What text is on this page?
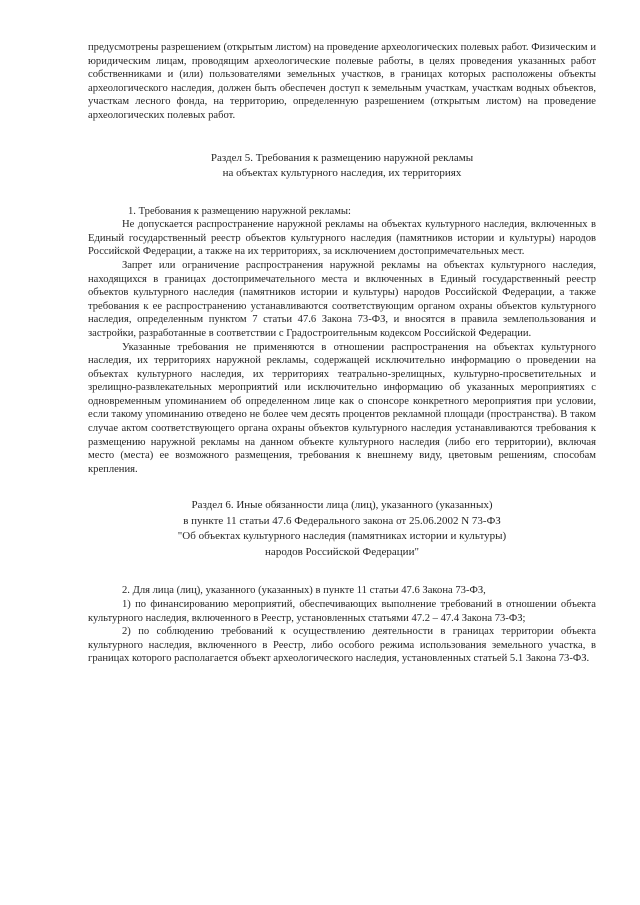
предусмотрены разрешением (открытым листом) на проведение археологических полевых работ. Физическим и юридическим лицам, проводящим археологические полевые работы, в целях проведения указанных работ собственниками и (или) пользователями земельных участков, в границах которых расположены объекты археологического наследия, должен быть обеспечен доступ к земельным участкам, участкам водных объектов, участкам лесного фонда, на территорию, определенную разрешением (открытым листом) на проведение археологических полевых работ.

Раздел 5. Требования к размещению наружной рекламы
на объектах культурного наследия, их территориях

1. Требования к размещению наружной рекламы:

Не допускается распространение наружной рекламы на объектах культурного наследия, включенных в Единый государственный реестр объектов культурного наследия (памятников истории и культуры) народов Российской Федерации, а также на их территориях, за исключением достопримечательных мест.

Запрет или ограничение распространения наружной рекламы на объектах культурного наследия, находящихся в границах достопримечательного места и включенных в Единый государственный реестр объектов культурного наследия (памятников истории и культуры) народов Российской Федерации, а также требования к ее распространению устанавливаются соответствующим органом охраны объектов культурного наследия, определенным пунктом 7 статьи 47.6 Закона 73-ФЗ, и вносятся в правила землепользования и застройки, разработанные в соответствии с Градостроительным кодексом Российской Федерации.

Указанные требования не применяются в отношении распространения на объектах культурного наследия, их территориях наружной рекламы, содержащей исключительно информацию о проведении на объектах культурного наследия, их территориях театрально-зрелищных, культурно-просветительных и зрелищно-развлекательных мероприятий или исключительно информацию об указанных мероприятиях с одновременным упоминанием об определенном лице как о спонсоре конкретного мероприятия при условии, если такому упоминанию отведено не более чем десять процентов рекламной площади (пространства). В таком случае актом соответствующего органа охраны объектов культурного наследия устанавливаются требования к размещению наружной рекламы на данном объекте культурного наследия (либо его территории), включая место (места) ее возможного размещения, требования к внешнему виду, цветовым решениям, способам крепления.

Раздел 6. Иные обязанности лица (лиц), указанного (указанных)
в пункте 11 статьи 47.6 Федерального закона от 25.06.2002 N 73-ФЗ
"Об объектах культурного наследия (памятниках истории и культуры)
народов Российской Федерации"

2. Для лица (лиц), указанного (указанных) в пункте 11 статьи 47.6 Закона 73-ФЗ,

1) по финансированию мероприятий, обеспечивающих выполнение требований в отношении объекта культурного наследия, включенного в Реестр, установленных статьями 47.2 – 47.4 Закона 73-ФЗ;

2) по соблюдению требований к осуществлению деятельности в границах территории объекта культурного наследия, включенного в Реестр, либо особого режима использования земельного участка, в границах которого располагается объект археологического наследия, установленных статьей 5.1 Закона 73-ФЗ.
